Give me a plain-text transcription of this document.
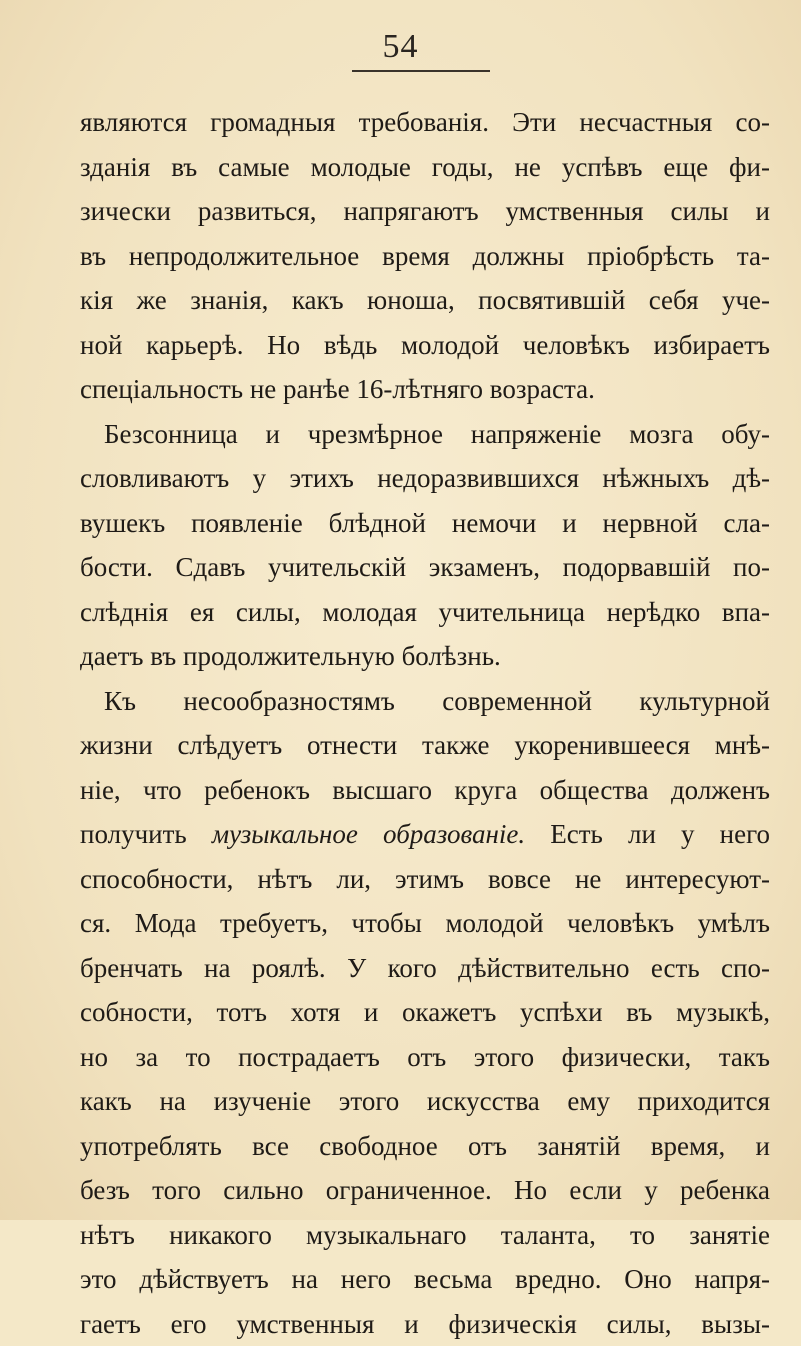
54
являются громадныя требованія. Эти несчастныя со-
зданія въ самые молодые годы, не успѣвъ еще фи-
зически развиться, напрягаютъ умственныя силы и
въ непродолжительное время должны пріобрѣсть та-
кія же знанія, какъ юноша, посвятившій себя уче-
ной карьерѣ. Но вѣдь молодой человѣкъ избираетъ
спеціальность не ранѣе 16-лѣтняго возраста.
Безсонница и чрезмѣрное напряженіе мозга обу-
словливаютъ у этихъ недоразвившихся нѣжныхъ дѣ-
вушекъ появленіе блѣдной немочи и нервной сла-
бости. Сдавъ учительскій экзаменъ, подорвавшій по-
слѣднія ея силы, молодая учительница нерѣдко впа-
даетъ въ продолжительную болѣзнь.
Къ несообразностямъ современной культурной
жизни слѣдуетъ отнести также укоренившееся мнѣ-
ніе, что ребенокъ высшаго круга общества долженъ
получить музыкальное образованіе. Есть ли у него
способности, нѣтъ ли, этимъ вовсе не интересуют-
ся. Мода требуетъ, чтобы молодой человѣкъ умѣлъ
бренчать на роялѣ. У кого дѣйствительно есть спо-
собности, тотъ хотя и окажетъ успѣхи въ музыкѣ,
но за то пострадаетъ отъ этого физически, такъ
какъ на изученіе этого искусства ему приходится
употреблять все свободное отъ занятій время, и
безъ того сильно ограниченное. Но если у ребенка
нѣтъ никакого музыкальнаго таланта, то занятіе
это дѣйствуетъ на него весьма вредно. Оно напря-
гаетъ его умственныя и физическія силы, вызы-
